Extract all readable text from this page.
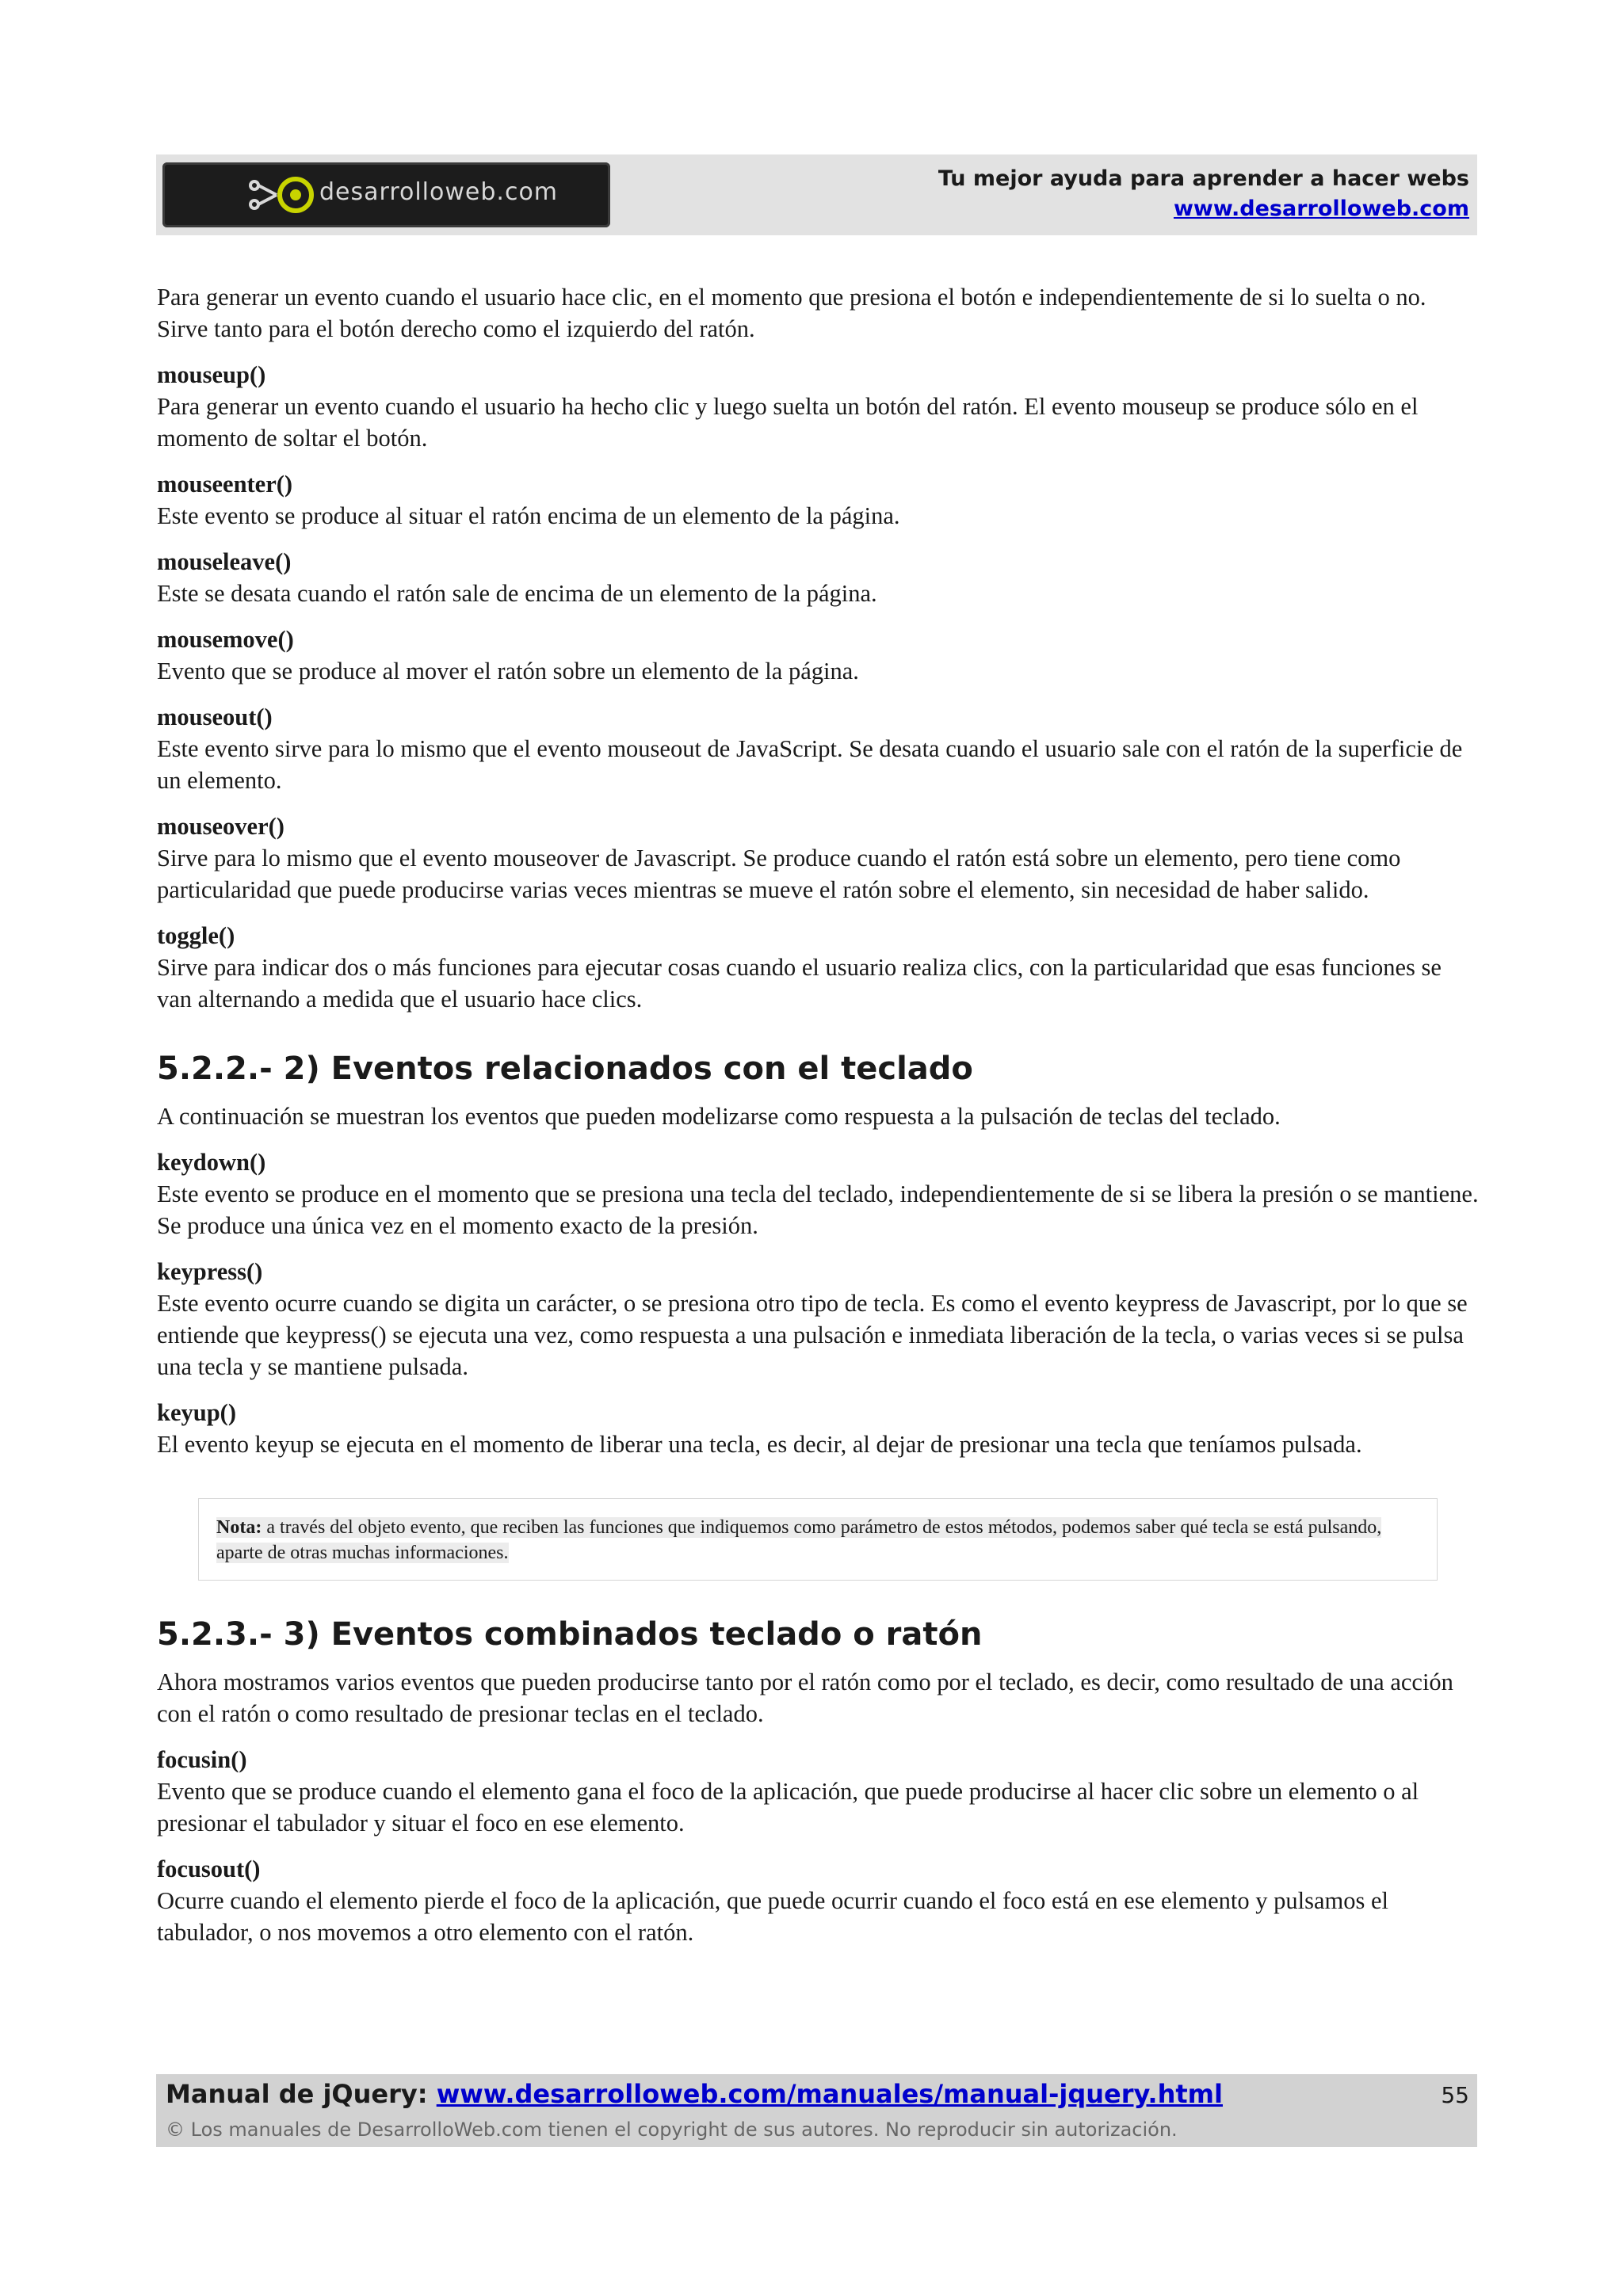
desarrolloweb.com	Tu mejor ayuda para aprender a hacer webs
www.desarrolloweb.com

Para generar un evento cuando el usuario hace clic, en el momento que presiona el botón e independientemente de si lo suelta o no. Sirve tanto para el botón derecho como el izquierdo del ratón.

mouseup()
Para generar un evento cuando el usuario ha hecho clic y luego suelta un botón del ratón. El evento mouseup se produce sólo en el momento de soltar el botón.

mouseenter()
Este evento se produce al situar el ratón encima de un elemento de la página.

mouseleave()
Este se desata cuando el ratón sale de encima de un elemento de la página.

mousemove()
Evento que se produce al mover el ratón sobre un elemento de la página.

mouseout()
Este evento sirve para lo mismo que el evento mouseout de JavaScript. Se desata cuando el usuario sale con el ratón de la superficie de un elemento.

mouseover()
Sirve para lo mismo que el evento mouseover de Javascript. Se produce cuando el ratón está sobre un elemento, pero tiene como particularidad que puede producirse varias veces mientras se mueve el ratón sobre el elemento, sin necesidad de haber salido.

toggle()
Sirve para indicar dos o más funciones para ejecutar cosas cuando el usuario realiza clics, con la particularidad que esas funciones se van alternando a medida que el usuario hace clics.

5.2.2.- 2) Eventos relacionados con el teclado

A continuación se muestran los eventos que pueden modelizarse como respuesta a la pulsación de teclas del teclado.

keydown()
Este evento se produce en el momento que se presiona una tecla del teclado, independientemente de si se libera la presión o se mantiene. Se produce una única vez en el momento exacto de la presión.

keypress()
Este evento ocurre cuando se digita un carácter, o se presiona otro tipo de tecla. Es como el evento keypress de Javascript, por lo que se entiende que keypress() se ejecuta una vez, como respuesta a una pulsación e inmediata liberación de la tecla, o varias veces si se pulsa una tecla y se mantiene pulsada.

keyup()
El evento keyup se ejecuta en el momento de liberar una tecla, es decir, al dejar de presionar una tecla que teníamos pulsada.

Nota: a través del objeto evento, que reciben las funciones que indiquemos como parámetro de estos métodos, podemos saber qué tecla se está pulsando, aparte de otras muchas informaciones.
5.2.3.- 3) Eventos combinados teclado o ratón

Ahora mostramos varios eventos que pueden producirse tanto por el ratón como por el teclado, es decir, como resultado de una acción con el ratón o como resultado de presionar teclas en el teclado.

focusin()
Evento que se produce cuando el elemento gana el foco de la aplicación, que puede producirse al hacer clic sobre un elemento o al presionar el tabulador y situar el foco en ese elemento.

focusout()
Ocurre cuando el elemento pierde el foco de la aplicación, que puede ocurrir cuando el foco está en ese elemento y pulsamos el tabulador, o nos movemos a otro elemento con el ratón.

Manual de jQuery: www.desarrolloweb.com/manuales/manual-jquery.html
© Los manuales de DesarrolloWeb.com tienen el copyright de sus autores. No reproducir sin autorización.
55
